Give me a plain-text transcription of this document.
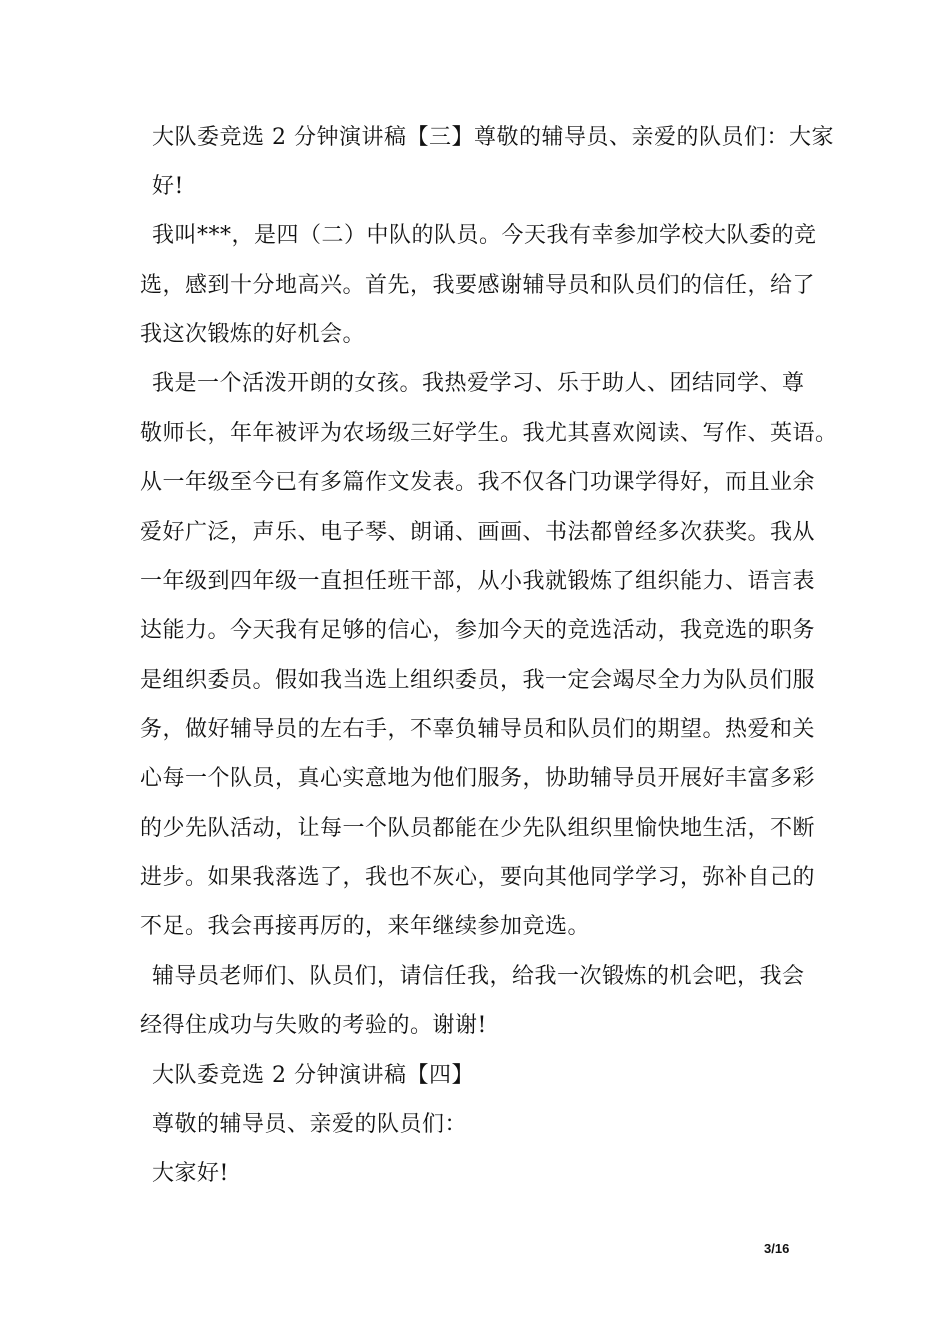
大队委竞选 2 分钟演讲稿【三】尊敬的辅导员、亲爱的队员们：大家
好!
我叫***，是四（二）中队的队员。今天我有幸参加学校大队委的竞
选，感到十分地高兴。首先，我要感谢辅导员和队员们的信任，给了
我这次锻炼的好机会。
我是一个活泼开朗的女孩。我热爱学习、乐于助人、团结同学、尊
敬师长，年年被评为农场级三好学生。我尤其喜欢阅读、写作、英语。
从一年级至今已有多篇作文发表。我不仅各门功课学得好，而且业余
爱好广泛，声乐、电子琴、朗诵、画画、书法都曾经多次获奖。我从
一年级到四年级一直担任班干部，从小我就锻炼了组织能力、语言表
达能力。今天我有足够的信心，参加今天的竞选活动，我竞选的职务
是组织委员。假如我当选上组织委员，我一定会竭尽全力为队员们服
务，做好辅导员的左右手，不辜负辅导员和队员们的期望。热爱和关
心每一个队员，真心实意地为他们服务，协助辅导员开展好丰富多彩
的少先队活动，让每一个队员都能在少先队组织里愉快地生活，不断
进步。如果我落选了，我也不灰心，要向其他同学学习，弥补自己的
不足。我会再接再厉的，来年继续参加竞选。
辅导员老师们、队员们，请信任我，给我一次锻炼的机会吧，我会
经得住成功与失败的考验的。谢谢!
大队委竞选 2 分钟演讲稿【四】
尊敬的辅导员、亲爱的队员们：
大家好!
3/16
